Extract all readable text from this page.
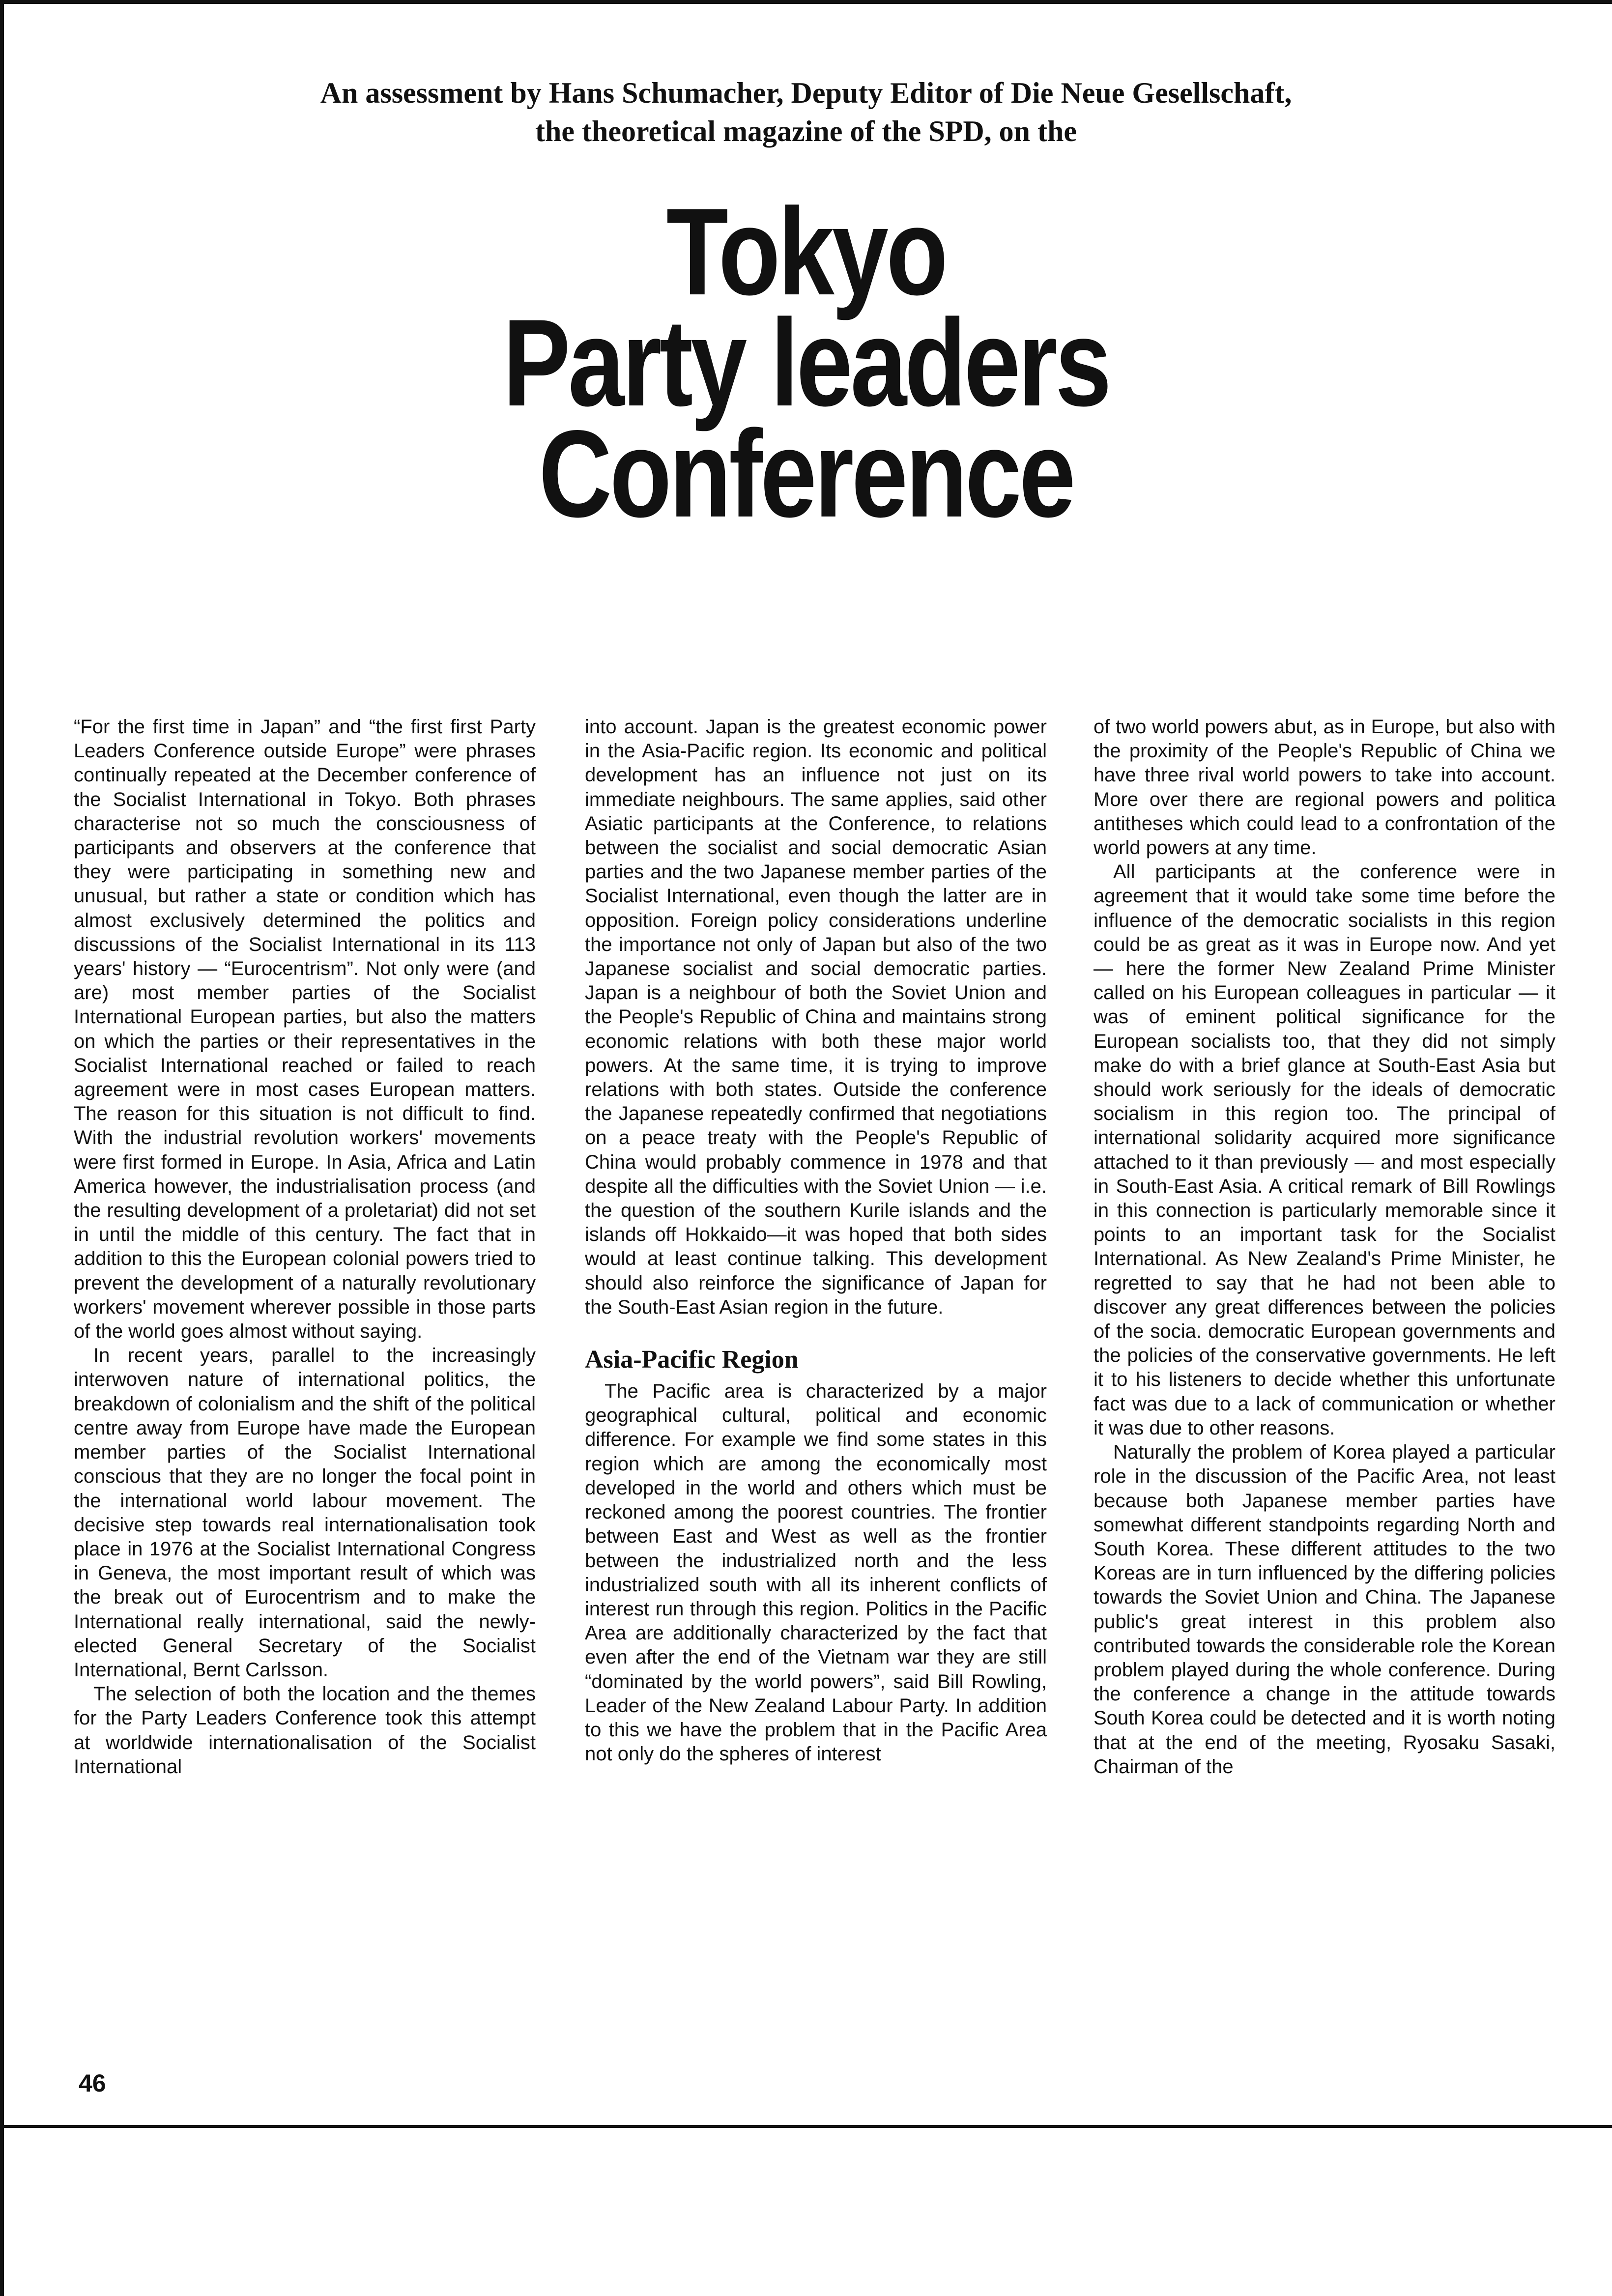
An assessment by Hans Schumacher, Deputy Editor of Die Neue Gesellschaft,
the theoretical magazine of the SPD, on the
Tokyo
Party leaders
Conference

“For the first time in Japan” and “the first first Party Leaders Conference outside Europe” were phrases continually repeated at the December conference of the Socialist International in Tokyo. Both phrases characterise not so much the consciousness of participants and observers at the conference that they were participating in something new and unusual, but rather a state or condition which has almost exclusively determined the politics and discussions of the Socialist International in its 113 years' history — “Eurocentrism”. Not only were (and are) most member parties of the Socialist International European parties, but also the matters on which the parties or their representatives in the Socialist International reached or failed to reach agreement were in most cases European matters. The reason for this situation is not difficult to find. With the industrial revolution workers' movements were first formed in Europe. In Asia, Africa and Latin America however, the industrialisation process (and the resulting development of a proletariat) did not set in until the middle of this century. The fact that in addition to this the European colonial powers tried to prevent the development of a naturally revolutionary workers' movement wherever possible in those parts of the world goes almost without saying.

In recent years, parallel to the increasingly interwoven nature of international politics, the breakdown of colonialism and the shift of the political centre away from Europe have made the European member parties of the Socialist International conscious that they are no longer the focal point in the international world labour movement. The decisive step towards real internationalisation took place in 1976 at the Socialist International Congress in Geneva, the most important result of which was the break out of Eurocentrism and to make the International really international, said the newly-elected General Secretary of the Socialist International, Bernt Carlsson.

The selection of both the location and the themes for the Party Leaders Conference took this attempt at worldwide internationalisation of the Socialist International

into account. Japan is the greatest economic power in the Asia-Pacific region. Its economic and political development has an influence not just on its immediate neighbours. The same applies, said other Asiatic participants at the Conference, to relations between the socialist and social democratic Asian parties and the two Japanese member parties of the Socialist International, even though the latter are in opposition. Foreign policy considerations underline the importance not only of Japan but also of the two Japanese socialist and social democratic parties. Japan is a neighbour of both the Soviet Union and the People's Republic of China and maintains strong economic relations with both these major world powers. At the same time, it is trying to improve relations with both states. Outside the conference the Japanese repeatedly confirmed that negotiations on a peace treaty with the People's Republic of China would probably commence in 1978 and that despite all the difficulties with the Soviet Union — i.e. the question of the southern Kurile islands and the islands off Hokkaido—it was hoped that both sides would at least continue talking. This development should also reinforce the significance of Japan for the South-East Asian region in the future.

Asia-Pacific Region

The Pacific area is characterized by a major geographical cultural, political and economic difference. For example we find some states in this region which are among the economically most developed in the world and others which must be reckoned among the poorest countries. The frontier between East and West as well as the frontier between the industrialized north and the less industrialized south with all its inherent conflicts of interest run through this region. Politics in the Pacific Area are additionally characterized by the fact that even after the end of the Vietnam war they are still “dominated by the world powers”, said Bill Rowling, Leader of the New Zealand Labour Party. In addition to this we have the problem that in the Pacific Area not only do the spheres of interest

of two world powers abut, as in Europe, but also with the proximity of the People's Republic of China we have three rival world powers to take into account. More over there are regional powers and politica antitheses which could lead to a confrontation of the world powers at any time.

All participants at the conference were in agreement that it would take some time before the influence of the democratic socialists in this region could be as great as it was in Europe now. And yet — here the former New Zealand Prime Minister called on his European colleagues in particular — it was of eminent political significance for the European socialists too, that they did not simply make do with a brief glance at South-East Asia but should work seriously for the ideals of democratic socialism in this region too. The principal of international solidarity acquired more significance attached to it than previously — and most especially in South-East Asia. A critical remark of Bill Rowlings in this connection is particularly memorable since it points to an important task for the Socialist International. As New Zealand's Prime Minister, he regretted to say that he had not been able to discover any great differences between the policies of the socia. democratic European governments and the policies of the conservative governments. He left it to his listeners to decide whether this unfortunate fact was due to a lack of communication or whether it was due to other reasons.

Naturally the problem of Korea played a particular role in the discussion of the Pacific Area, not least because both Japanese member parties have somewhat different standpoints regarding North and South Korea. These different attitudes to the two Koreas are in turn influenced by the differing policies towards the Soviet Union and China. The Japanese public's great interest in this problem also contributed towards the considerable role the Korean problem played during the whole conference. During the conference a change in the attitude towards South Korea could be detected and it is worth noting that at the end of the meeting, Ryosaku Sasaki, Chairman of the

46
